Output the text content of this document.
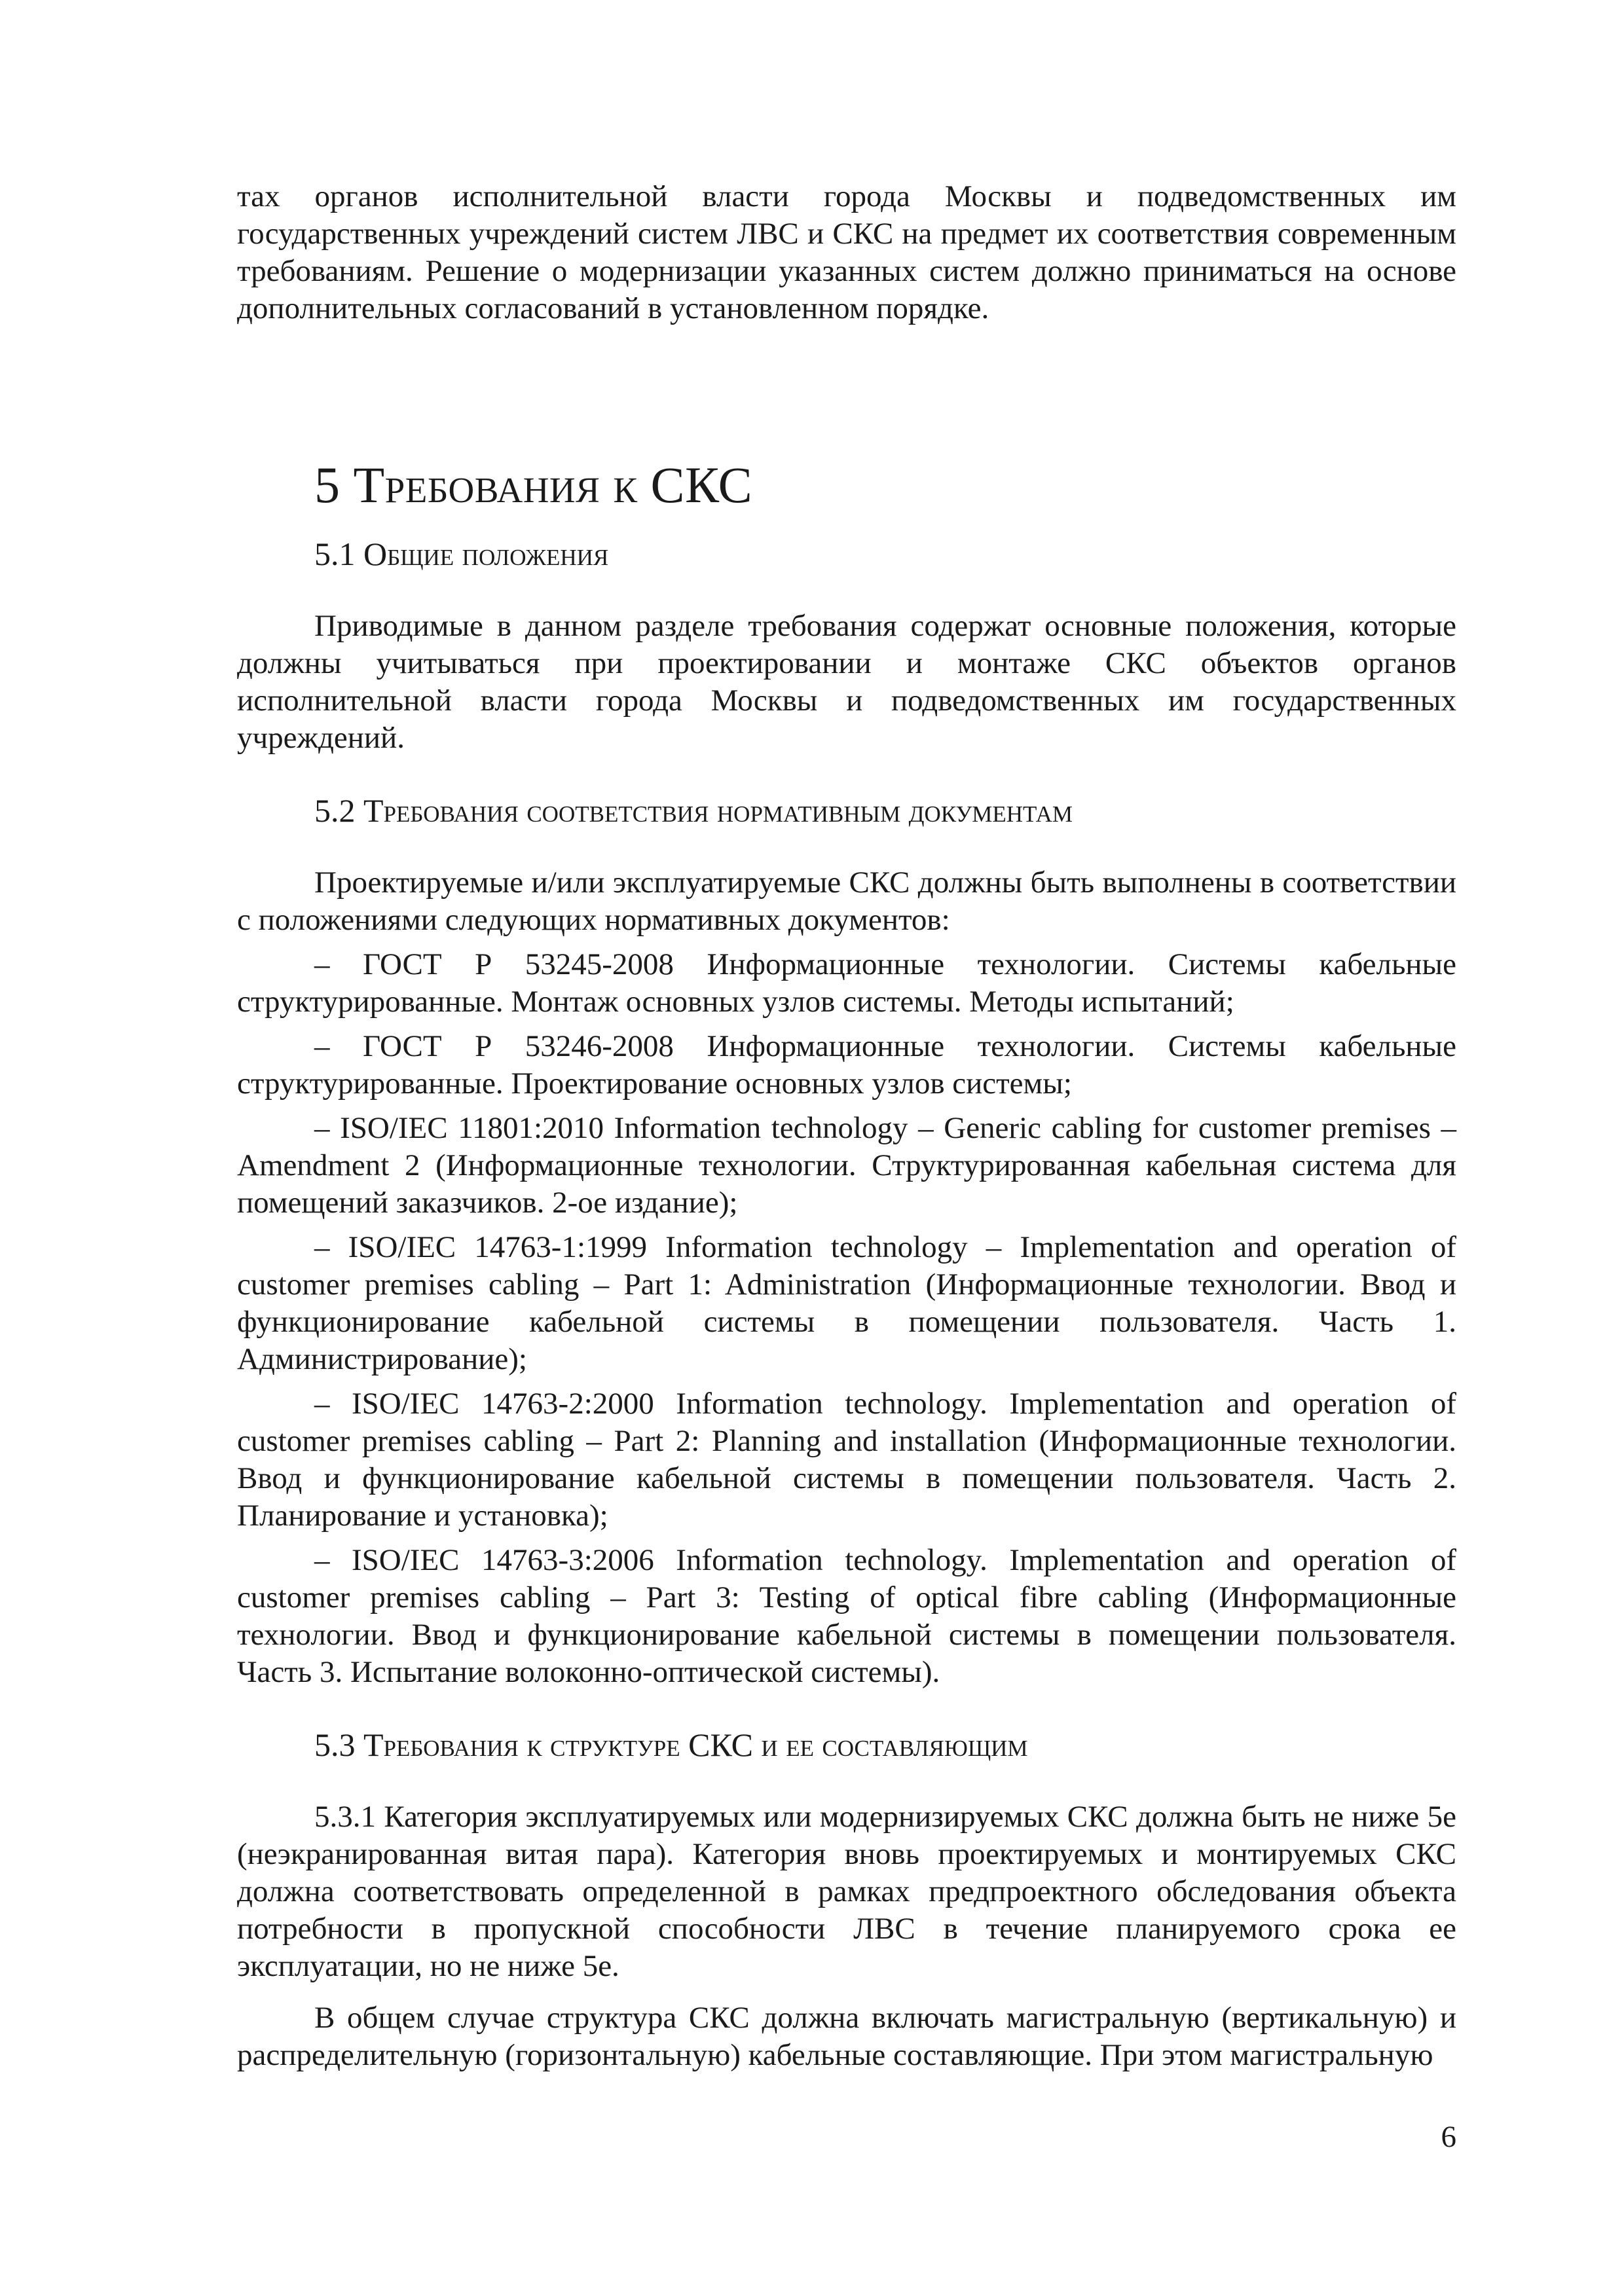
тах органов исполнительной власти города Москвы и подведомственных им государственных учреждений систем ЛВС и СКС на предмет их соответствия современным требованиям. Решение о модернизации указанных систем должно приниматься на основе дополнительных согласований в установленном порядке.

5 Требования к СКС
5.1 Общие положения

Приводимые в данном разделе требования содержат основные положения, которые должны учитываться при проектировании и монтаже СКС объектов органов исполнительной власти города Москвы и подведомственных им государственных учреждений.

5.2 Требования соответствия нормативным документам

Проектируемые и/или эксплуатируемые СКС должны быть выполнены в соответствии с положениями следующих нормативных документов:

– ГОСТ Р 53245-2008 Информационные технологии. Системы кабельные структурированные. Монтаж основных узлов системы. Методы испытаний;

– ГОСТ Р 53246-2008 Информационные технологии. Системы кабельные структурированные. Проектирование основных узлов системы;

– ISO/IEC 11801:2010 Information technology – Generic cabling for customer premises – Amendment 2 (Информационные технологии. Структурированная кабельная система для помещений заказчиков. 2-ое издание);

– ISO/IEC 14763-1:1999 Information technology – Implementation and operation of customer premises cabling – Part 1: Administration (Информационные технологии. Ввод и функционирование кабельной системы в помещении пользователя. Часть 1. Администрирование);

– ISO/IEC 14763-2:2000 Information technology. Implementation and operation of customer premises cabling – Part 2: Planning and installation (Информационные технологии. Ввод и функционирование кабельной системы в помещении пользователя. Часть 2. Планирование и установка);

– ISO/IEC 14763-3:2006 Information technology. Implementation and operation of customer premises cabling – Part 3: Testing of optical fibre cabling (Информационные технологии. Ввод и функционирование кабельной системы в помещении пользователя. Часть 3. Испытание волоконно-оптической системы).

5.3 Требования к структуре СКС и ее составляющим

5.3.1 Категория эксплуатируемых или модернизируемых СКС должна быть не ниже 5е (неэкранированная витая пара). Категория вновь проектируемых и монтируемых СКС должна соответствовать определенной в рамках предпроектного обследования объекта потребности в пропускной способности ЛВС в течение планируемого срока ее эксплуатации, но не ниже 5е.

В общем случае структура СКС должна включать магистральную (вертикальную) и распределительную (горизонтальную) кабельные составляющие. При этом магистральную

6
